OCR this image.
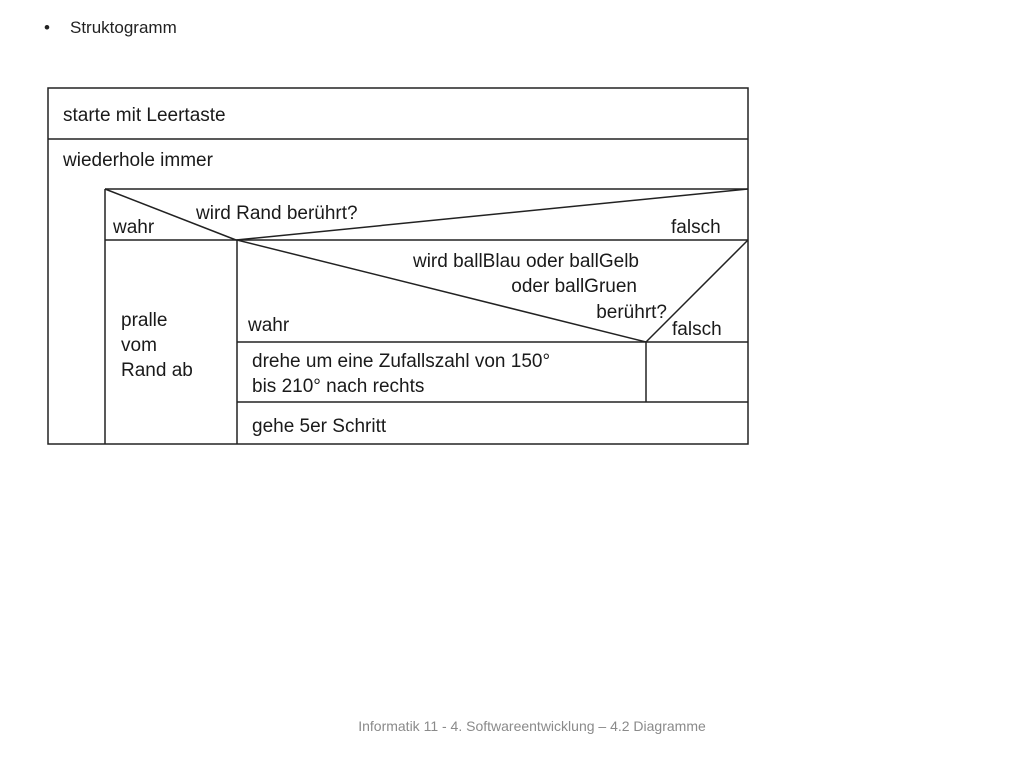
• Struktogramm
starte mit Leertaste
wiederhole immer
wahr
wird Rand berührt?
falsch
pralle
vom
Rand ab
wird ballBlau oder ballGelb
oder ballGruen
berührt?
wahr	falsch
drehe um eine Zufallszahl von 150°
bis 210° nach rechts
gehe 5er Schritt
Informatik 11 - 4. Softwareentwicklung – 4.2 Diagramme
